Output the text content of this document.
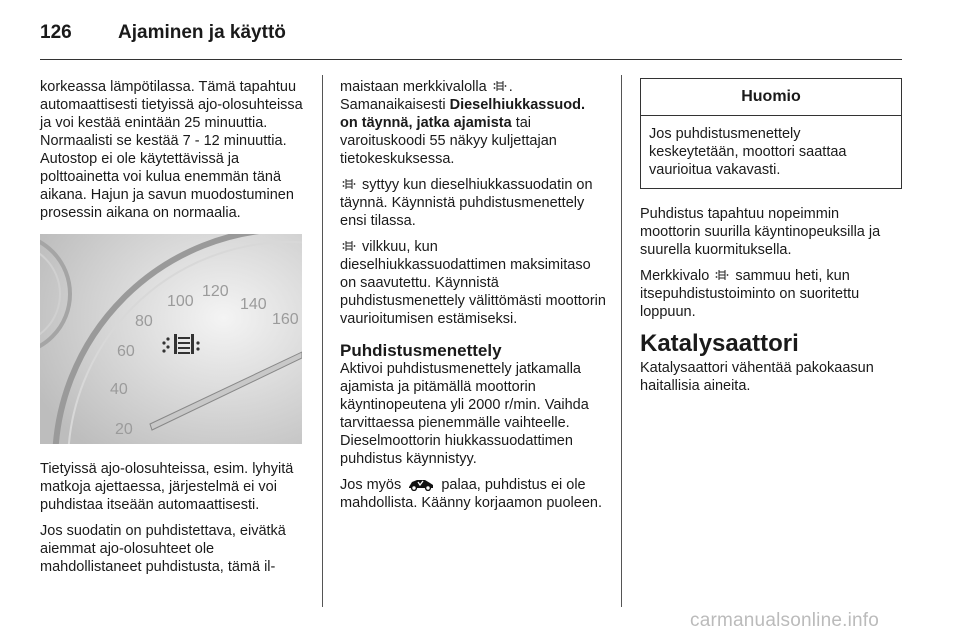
126 Ajaminen ja käyttö

korkeassa lämpötilassa. Tämä tapahtuu automaattisesti tietyissä ajo-olosuhteissa ja voi kestää enintään 25 minuuttia. Normaalisti se kestää 7 - 12 minuuttia. Autostop ei ole käytettävissä ja polttoainetta voi kulua enemmän tänä aikana. Hajun ja savun muodostuminen prosessin aikana on normaalia.

20
40
60
80
100
120
140
160

Tietyissä ajo-olosuhteissa, esim. lyhyitä matkoja ajettaessa, järjestelmä ei voi puhdistaa itseään automaattisesti.

Jos suodatin on puhdistettava, eivätkä aiemmat ajo-olosuhteet ole mahdollistaneet puhdistusta, tämä il-

maistaan merkkivalolla . Samanaikaisesti Dieselhiukkassuod. on täynnä, jatka ajamista tai varoituskoodi 55 näkyy kuljettajan tietokeskuksessa.

syttyy kun dieselhiukkassuodatin on täynnä. Käynnistä puhdistusmenettely ensi tilassa.

vilkkuu, kun dieselhiukkassuodattimen maksimitaso on saavutettu. Käynnistä puhdistusmenettely välittömästi moottorin vaurioitumisen estämiseksi.

Puhdistusmenettely

Aktivoi puhdistusmenettely jatkamalla ajamista ja pitämällä moottorin käyntinopeutena yli 2000 r/min. Vaihda tarvittaessa pienemmälle vaihteelle. Dieselmoottorin hiukkassuodattimen puhdistus käynnistyy.

Jos myös	palaa, puhdistus ei ole mahdollista. Käänny korjaamon puoleen.

Huomio
Jos puhdistusmenettely keskeytetään, moottori saattaa vaurioitua vakavasti.

Puhdistus tapahtuu nopeimmin moottorin suurilla käyntinopeuksilla ja suurella kuormituksella.

Merkkivalo sammuu heti, kun itsepuhdistustoiminto on suoritettu loppuun.

Katalysaattori

Katalysaattori vähentää pakokaasun haitallisia aineita.

carmanualsonline.info
